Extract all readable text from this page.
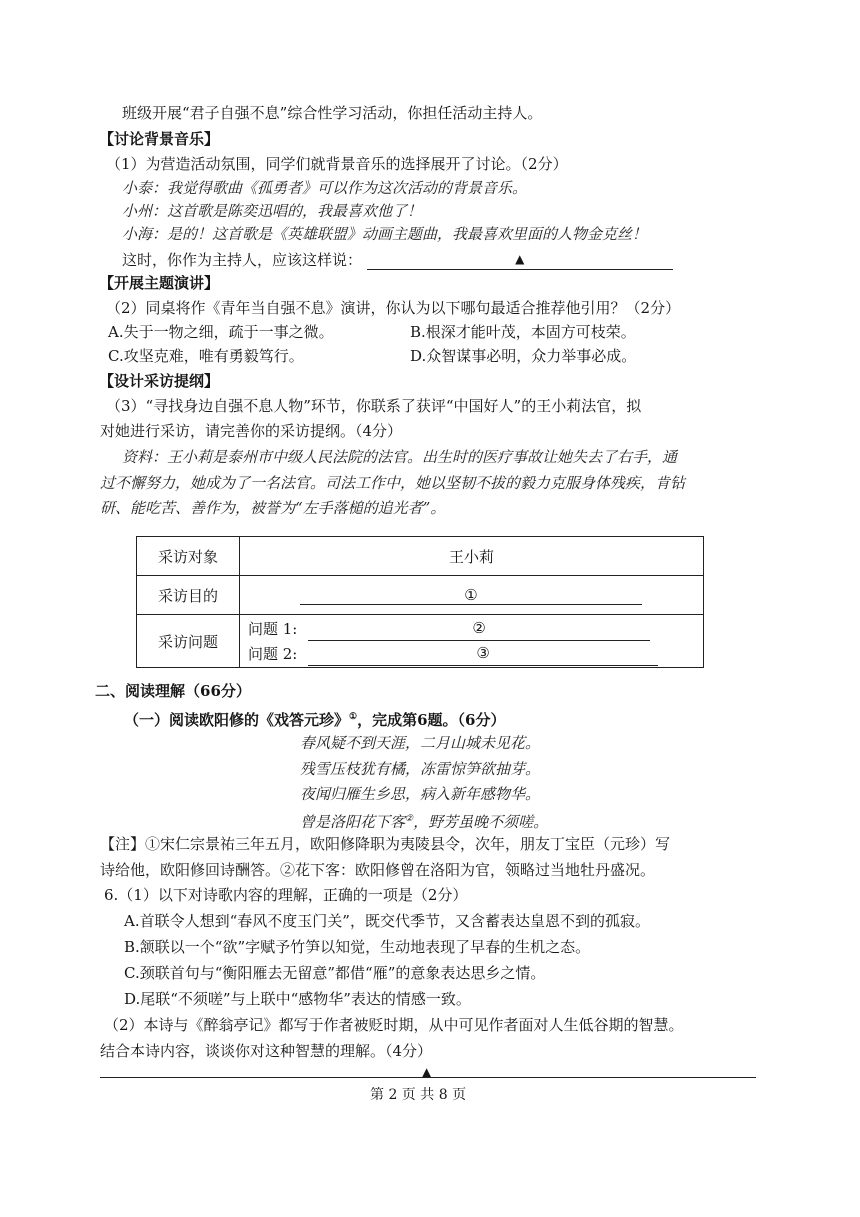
班级开展“君子自强不息”综合性学习活动，你担任活动主持人。
【讨论背景音乐】
（1）为营造活动氛围，同学们就背景音乐的选择展开了讨论。（2分）
小泰：我觉得歌曲《孤勇者》可以作为这次活动的背景音乐。
小州：这首歌是陈奕迅唱的，我最喜欢他了！
小海：是的！这首歌是《英雄联盟》动画主题曲，我最喜欢里面的人物金克丝！
这时，你作为主持人，应该这样说：	▲
【开展主题演讲】
（2）同桌将作《青年当自强不息》演讲，你认为以下哪句最适合推荐他引用？（2分）
A.失于一物之细，疏于一事之微。	B.根深才能叶茂，本固方可枝荣。
C.攻坚克难，唯有勇毅笃行。	D.众智谋事必明，众力举事必成。
【设计采访提纲】
（3）“寻找身边自强不息人物”环节，你联系了获评“中国好人”的王小莉法官，拟
对她进行采访，请完善你的采访提纲。（4分）
资料：王小莉是泰州市中级人民法院的法官。出生时的医疗事故让她失去了右手，通
过不懈努力，她成为了一名法官。司法工作中，她以坚韧不拔的毅力克服身体残疾，肯钻
研、能吃苦、善作为，被誉为“左手落槌的追光者”。
采访对象	王小莉
采访目的	①
采访问题	问题 1: ②
问题 2: ③
二、阅读理解（66分）
（一）阅读欧阳修的《戏答元珍》①，完成第6题。（6分）
春风疑不到天涯，二月山城未见花。
残雪压枝犹有橘，冻雷惊笋欲抽芽。
夜闻归雁生乡思，病入新年感物华。
曾是洛阳花下客②，野芳虽晚不须嗟。
【注】①宋仁宗景祐三年五月，欧阳修降职为夷陵县令，次年，朋友丁宝臣（元珍）写
诗给他，欧阳修回诗酬答。②花下客：欧阳修曾在洛阳为官，领略过当地牡丹盛况。
6.（1）以下对诗歌内容的理解，正确的一项是（2分）
A.首联令人想到“春风不度玉门关”，既交代季节，又含蓄表达皇恩不到的孤寂。
B.颔联以一个“欲”字赋予竹笋以知觉，生动地表现了早春的生机之态。
C.颈联首句与“衡阳雁去无留意”都借“雁”的意象表达思乡之情。
D.尾联“不须嗟”与上联中“感物华”表达的情感一致。
（2）本诗与《醉翁亭记》都写于作者被贬时期，从中可见作者面对人生低谷期的智慧。
结合本诗内容，谈谈你对这种智慧的理解。（4分）
▲
第 2 页 共 8 页
